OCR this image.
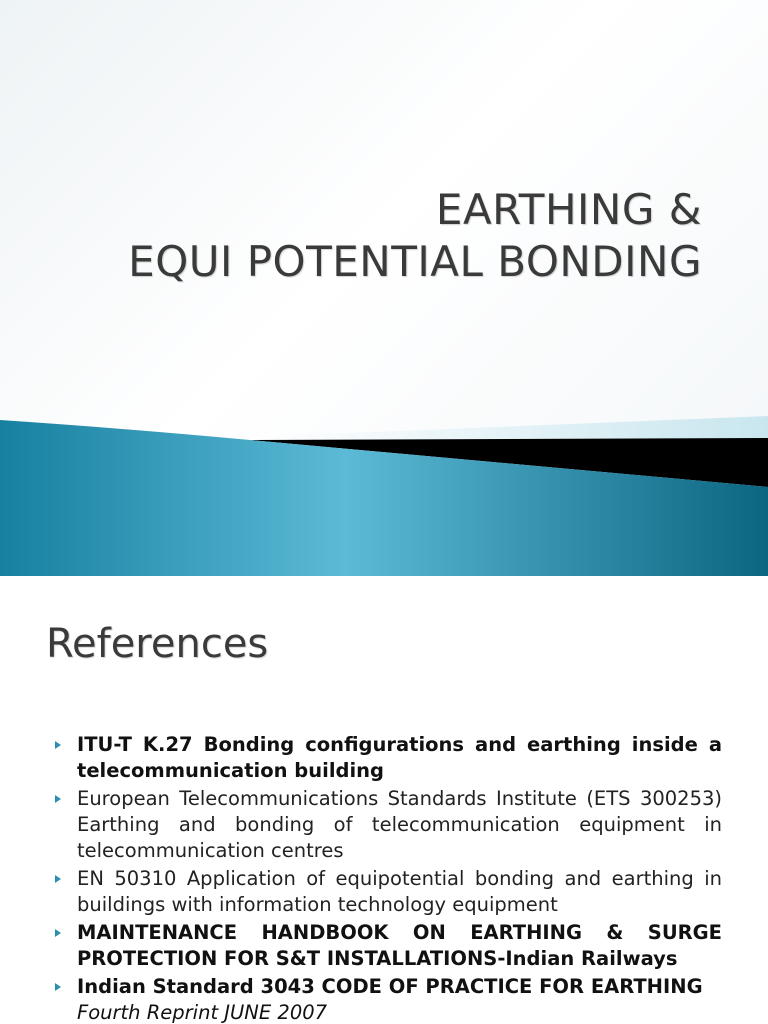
EARTHING &
EQUI POTENTIAL BONDING
References
ITU-T K.27 Bonding configurations and earthing inside a telecommunication building
European Telecommunications Standards Institute (ETS 300253) Earthing and bonding of telecommunication equipment in telecommunication centres
EN 50310 Application of equipotential bonding and earthing in buildings with information technology equipment
MAINTENANCE HANDBOOK ON EARTHING & SURGE PROTECTION FOR S&T INSTALLATIONS-Indian Railways
Indian Standard 3043 CODE OF PRACTICE FOR EARTHING
Fourth Reprint JUNE 2007
